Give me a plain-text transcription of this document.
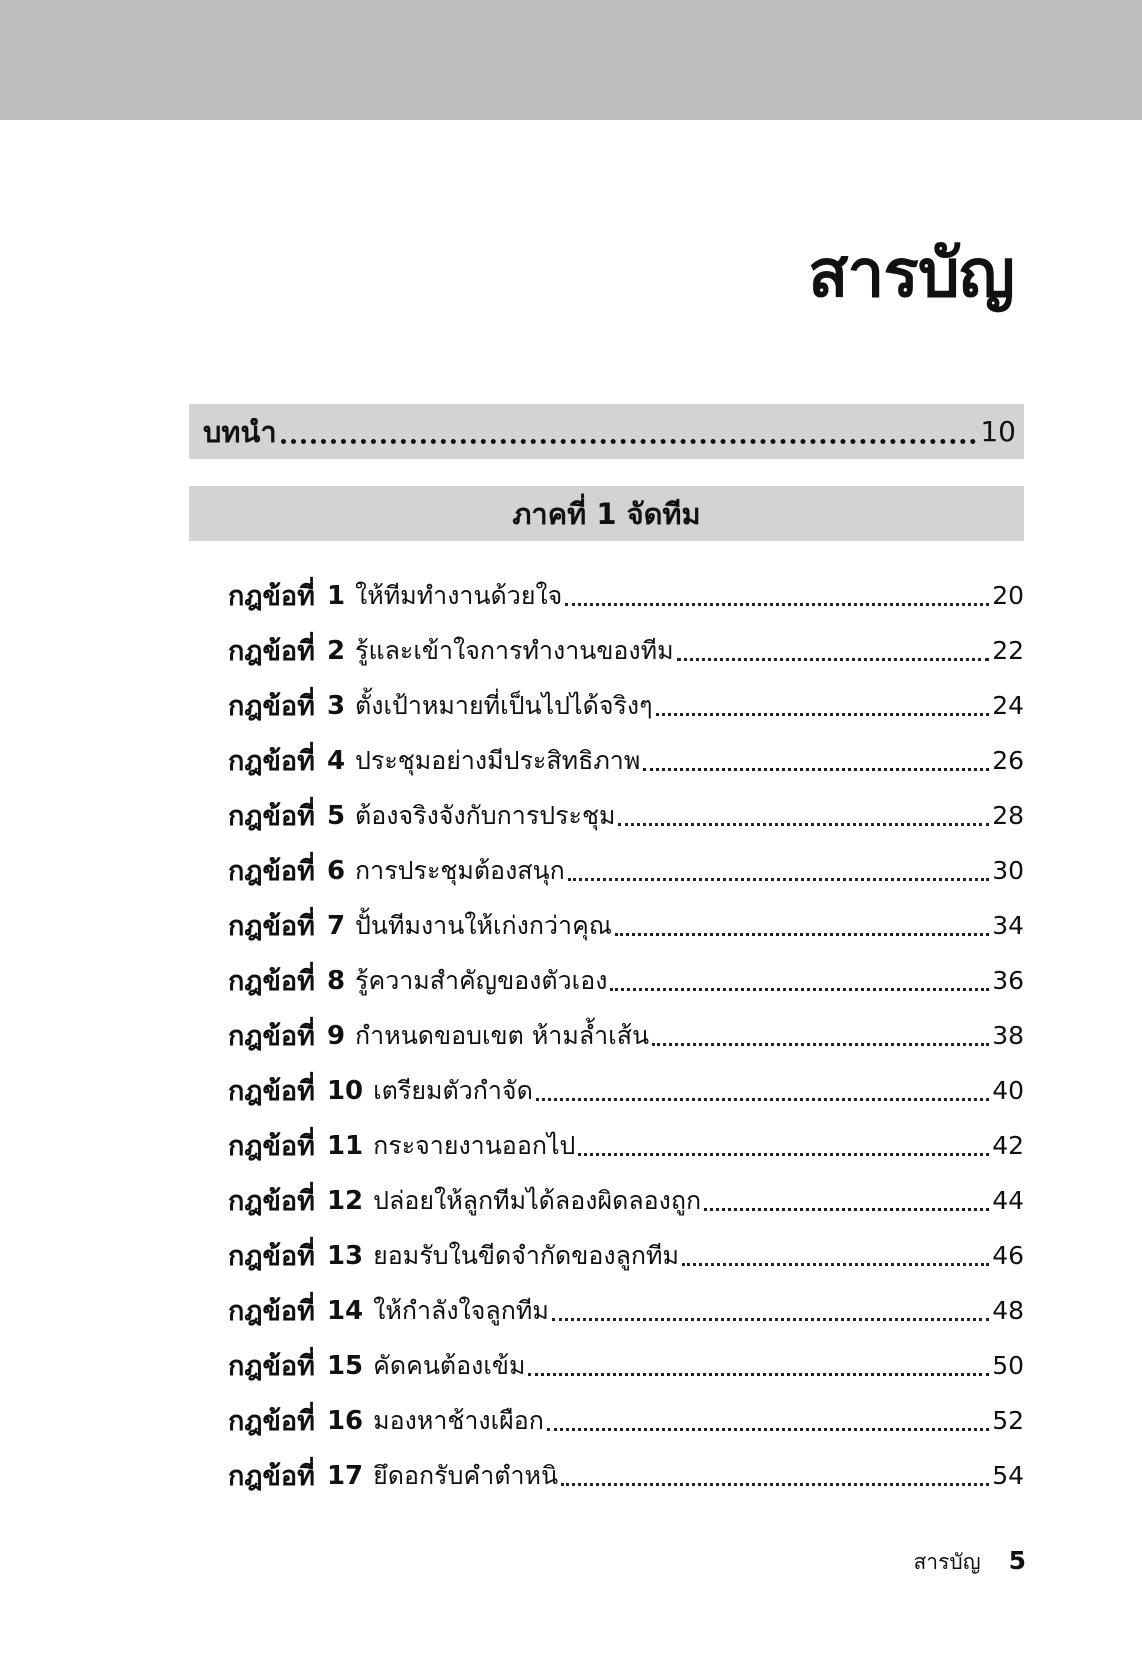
สารบัญ
บทนำ	10
ภาคที่ 1 จัดทีม
กฎข้อที่ 1 ให้ทีมทำงานด้วยใจ	20
กฎข้อที่ 2 รู้และเข้าใจการทำงานของทีม	22
กฎข้อที่ 3 ตั้งเป้าหมายที่เป็นไปได้จริงๆ	24
กฎข้อที่ 4 ประชุมอย่างมีประสิทธิภาพ	26
กฎข้อที่ 5 ต้องจริงจังกับการประชุม	28
กฎข้อที่ 6 การประชุมต้องสนุก	30
กฎข้อที่ 7 ปั้นทีมงานให้เก่งกว่าคุณ	34
กฎข้อที่ 8 รู้ความสำคัญของตัวเอง	36
กฎข้อที่ 9 กำหนดขอบเขต ห้ามล้ำเส้น	38
กฎข้อที่ 10 เตรียมตัวกำจัด	40
กฎข้อที่ 11 กระจายงานออกไป	42
กฎข้อที่ 12 ปล่อยให้ลูกทีมได้ลองผิดลองถูก	44
กฎข้อที่ 13 ยอมรับในขีดจำกัดของลูกทีม	46
กฎข้อที่ 14 ให้กำลังใจลูกทีม	48
กฎข้อที่ 15 คัดคนต้องเข้ม	50
กฎข้อที่ 16 มองหาช้างเผือก	52
กฎข้อที่ 17 ยึดอกรับคำตำหนิ	54
สารบัญ 5
